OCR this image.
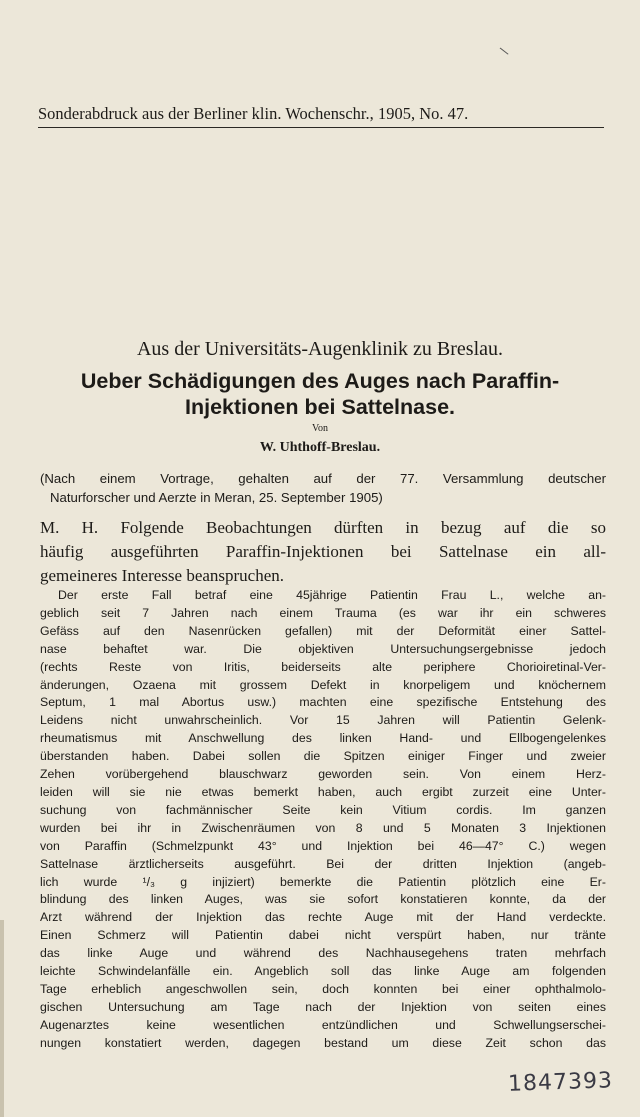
\
Sonderabdruck aus der Berliner klin. Wochenschr., 1905, No. 47.
Aus der Universitäts-Augenklinik zu Breslau.
Ueber Schädigungen des Auges nach Paraffin-
Injektionen bei Sattelnase.
Von
W. Uhthoff-Breslau.
(Nach einem Vortrage, gehalten auf der 77. Versammlung deutscher
Naturforscher und Aerzte in Meran, 25. September 1905)
M. H. Folgende Beobachtungen dürften in bezug auf die so
häufig ausgeführten Paraffin-Injektionen bei Sattelnase ein all-
gemeineres Interesse beanspruchen.
Der erste Fall betraf eine 45jährige Patientin Frau L., welche an-
geblich seit 7 Jahren nach einem Trauma (es war ihr ein schweres
Gefäss auf den Nasenrücken gefallen) mit der Deformität einer Sattel-
nase behaftet war. Die objektiven Untersuchungsergebnisse jedoch
(rechts Reste von Iritis, beiderseits alte periphere Chorioiretinal-Ver-
änderungen, Ozaena mit grossem Defekt in knorpeligem und knöchernem
Septum, 1 mal Abortus usw.) machten eine spezifische Entstehung des
Leidens nicht unwahrscheinlich. Vor 15 Jahren will Patientin Gelenk-
rheumatismus mit Anschwellung des linken Hand- und Ellbogengelenkes
überstanden haben. Dabei sollen die Spitzen einiger Finger und zweier
Zehen vorübergehend blauschwarz geworden sein. Von einem Herz-
leiden will sie nie etwas bemerkt haben, auch ergibt zurzeit eine Unter-
suchung von fachmännischer Seite kein Vitium cordis. Im ganzen
wurden bei ihr in Zwischenräumen von 8 und 5 Monaten 3 Injektionen
von Paraffin (Schmelzpunkt 43° und Injektion bei 46—47° C.) wegen
Sattelnase ärztlicherseits ausgeführt. Bei der dritten Injektion (angeb-
lich wurde ¹/₃ g injiziert) bemerkte die Patientin plötzlich eine Er-
blindung des linken Auges, was sie sofort konstatieren konnte, da der
Arzt während der Injektion das rechte Auge mit der Hand verdeckte.
Einen Schmerz will Patientin dabei nicht verspürt haben, nur tränte
das linke Auge und während des Nachhausegehens traten mehrfach
leichte Schwindelanfälle ein. Angeblich soll das linke Auge am folgenden
Tage erheblich angeschwollen sein, doch konnten bei einer ophthalmolo-
gischen Untersuchung am Tage nach der Injektion von seiten eines
Augenarztes keine wesentlichen entzündlichen und Schwellungserschei-
nungen konstatiert werden, dagegen bestand um diese Zeit schon das
1847393
